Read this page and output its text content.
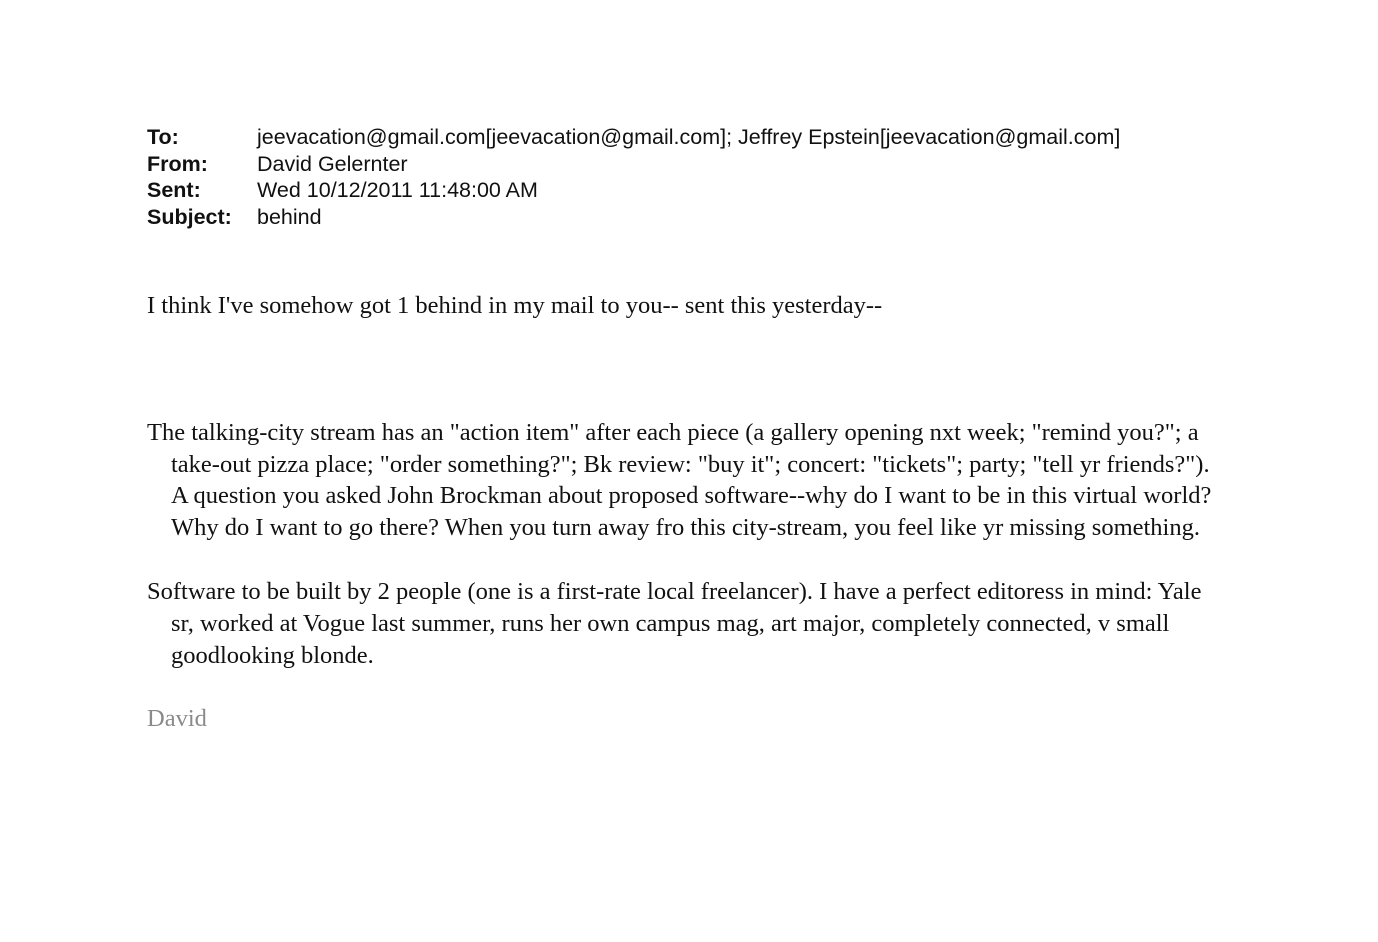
To:	jeevacation@gmail.com[jeevacation@gmail.com]; Jeffrey Epstein[jeevacation@gmail.com]
From:	David Gelernter
Sent:	Wed 10/12/2011 11:48:00 AM
Subject:	behind

I think I've somehow got 1 behind in my mail to you-- sent this yesterday--

The talking-city stream has an "action item" after each piece (a gallery opening nxt week; "remind you?"; a take-out pizza place; "order something?"; Bk review: "buy it"; concert: "tickets"; party; "tell yr friends?"). A question you asked John Brockman about proposed software--why do I want to be in this virtual world? Why do I want to go there? When you turn away fro this city-stream, you feel like yr missing something.

Software to be built by 2 people (one is a first-rate local freelancer). I have a perfect editoress in mind: Yale sr, worked at Vogue last summer, runs her own campus mag, art major, completely connected, v small goodlooking blonde.

David
